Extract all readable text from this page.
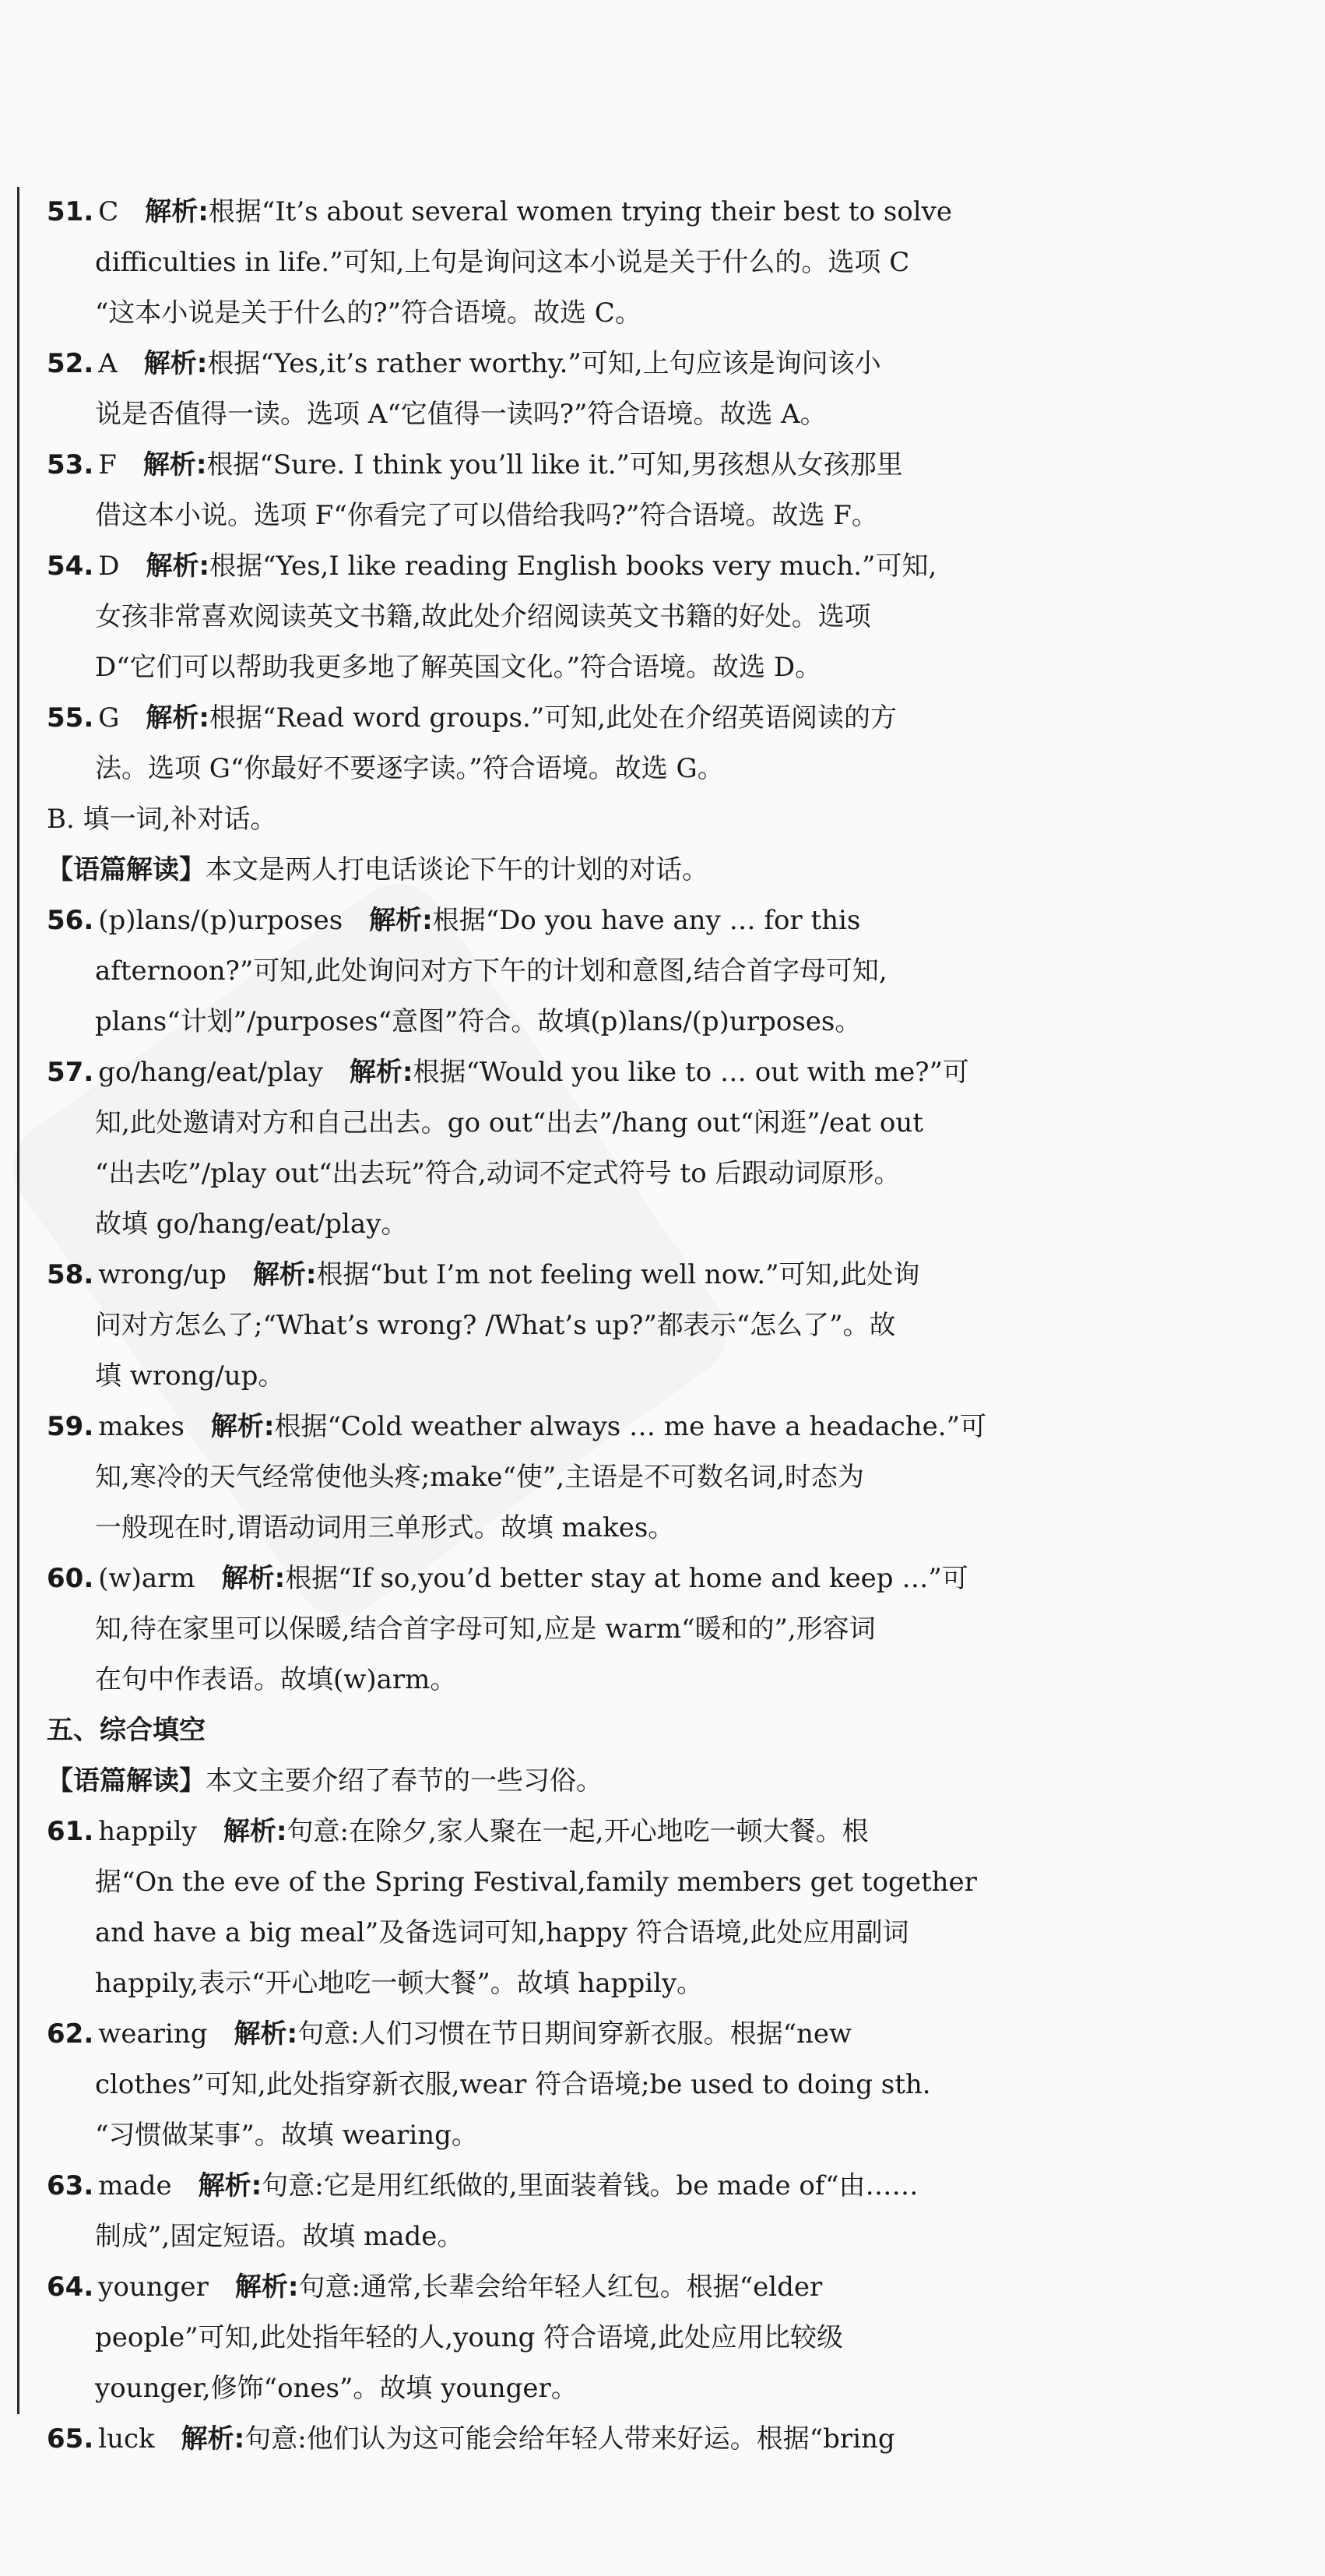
51. C 解析:根据“It’s about several women trying their best to solve
difficulties in life.”可知,上句是询问这本小说是关于什么的。选项 C
“这本小说是关于什么的?”符合语境。故选 C。
52. A 解析:根据“Yes,it’s rather worthy.”可知,上句应该是询问该小
说是否值得一读。选项 A“它值得一读吗?”符合语境。故选 A。
53. F 解析:根据“Sure. I think you’ll like it.”可知,男孩想从女孩那里
借这本小说。选项 F“你看完了可以借给我吗?”符合语境。故选 F。
54. D 解析:根据“Yes,I like reading English books very much.”可知,
女孩非常喜欢阅读英文书籍,故此处介绍阅读英文书籍的好处。选项
D“它们可以帮助我更多地了解英国文化。”符合语境。故选 D。
55. G 解析:根据“Read word groups.”可知,此处在介绍英语阅读的方
法。选项 G“你最好不要逐字读。”符合语境。故选 G。
B. 填一词,补对话。
【语篇解读】本文是两人打电话谈论下午的计划的对话。
56. (p)lans/(p)urposes 解析:根据“Do you have any … for this
afternoon?”可知,此处询问对方下午的计划和意图,结合首字母可知,
plans“计划”/purposes“意图”符合。故填(p)lans/(p)urposes。
57. go/hang/eat/play 解析:根据“Would you like to … out with me?”可
知,此处邀请对方和自己出去。go out“出去”/hang out“闲逛”/eat out
“出去吃”/play out“出去玩”符合,动词不定式符号 to 后跟动词原形。
故填 go/hang/eat/play。
58. wrong/up 解析:根据“but I’m not feeling well now.”可知,此处询
问对方怎么了;“What’s wrong? /What’s up?”都表示“怎么了”。故
填 wrong/up。
59. makes 解析:根据“Cold weather always … me have a headache.”可
知,寒冷的天气经常使他头疼;make“使”,主语是不可数名词,时态为
一般现在时,谓语动词用三单形式。故填 makes。
60. (w)arm 解析:根据“If so,you’d better stay at home and keep …”可
知,待在家里可以保暖,结合首字母可知,应是 warm“暖和的”,形容词
在句中作表语。故填(w)arm。
五、综合填空
【语篇解读】本文主要介绍了春节的一些习俗。
61. happily 解析:句意:在除夕,家人聚在一起,开心地吃一顿大餐。根
据“On the eve of the Spring Festival,family members get together
and have a big meal”及备选词可知,happy 符合语境,此处应用副词
happily,表示“开心地吃一顿大餐”。故填 happily。
62. wearing 解析:句意:人们习惯在节日期间穿新衣服。根据“new
clothes”可知,此处指穿新衣服,wear 符合语境;be used to doing sth.
“习惯做某事”。故填 wearing。
63. made 解析:句意:它是用红纸做的,里面装着钱。be made of“由……
制成”,固定短语。故填 made。
64. younger 解析:句意:通常,长辈会给年轻人红包。根据“elder
people”可知,此处指年轻的人,young 符合语境,此处应用比较级
younger,修饰“ones”。故填 younger。
65. luck 解析:句意:他们认为这可能会给年轻人带来好运。根据“bring
